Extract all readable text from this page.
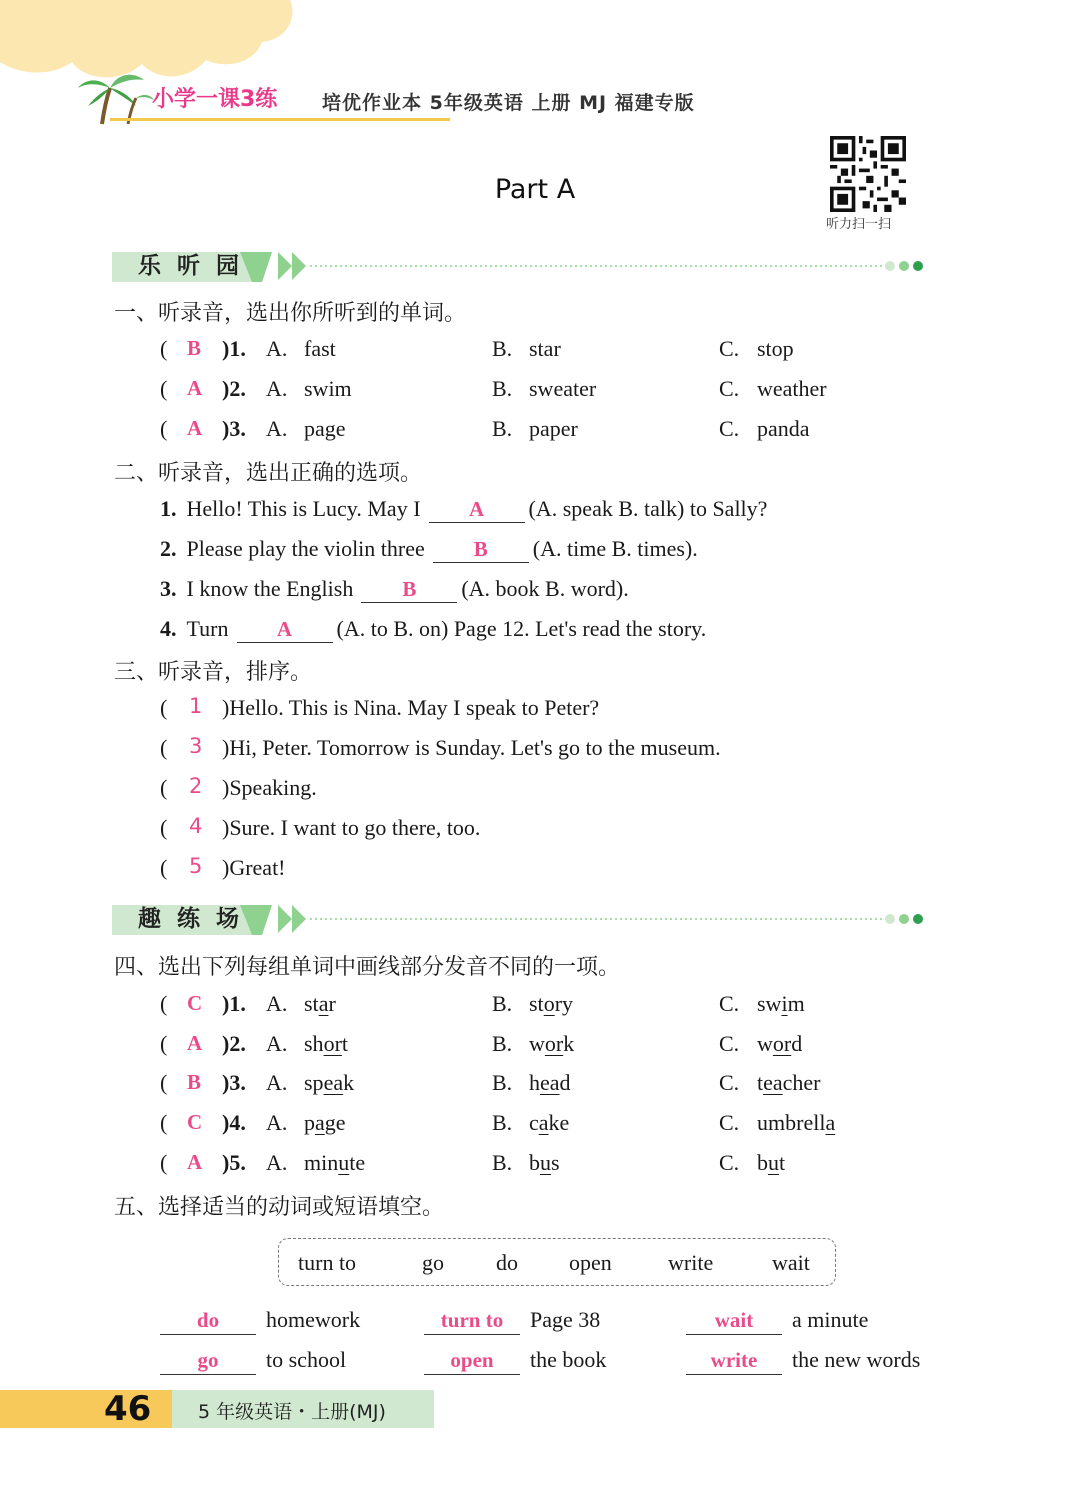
小学一课3练 培优作业本 5年级英语 上册 MJ 福建专版
Part A
听力扫一扫
乐 听 园
一、听录音，选出你所听到的单词。
( B )1. A. fast	B. star	C. stop
( A )2. A. swim	B. sweater	C. weather
( A )3. A. page	B. paper	C. panda
二、听录音，选出正确的选项。
1. Hello! This is Lucy. May I A (A. speak B. talk) to Sally?
2. Please play the violin three B (A. time B. times).
3. I know the English B (A. book B. word).
4. Turn A (A. to B. on) Page 12. Let's read the story.
三、听录音，排序。
( 1 )Hello. This is Nina. May I speak to Peter?
( 3 )Hi, Peter. Tomorrow is Sunday. Let's go to the museum.
( 2 )Speaking.
( 4 )Sure. I want to go there, too.
( 5 )Great!
趣 练 场
四、选出下列每组单词中画线部分发音不同的一项。
( C )1. A. star	B. story	C. swim
( A )2. A. short	B. work	C. word
( B )3. A. speak	B. head	C. teacher
( C )4. A. page	B. cake	C. umbrella
( A )5. A. minute	B. bus	C. but
五、选择适当的动词或短语填空。
turn to	go do open	write	wait
do homework	turn to Page 38	wait a minute
go to school	open the book	write the new words
46 5 年级英语・上册(MJ)
